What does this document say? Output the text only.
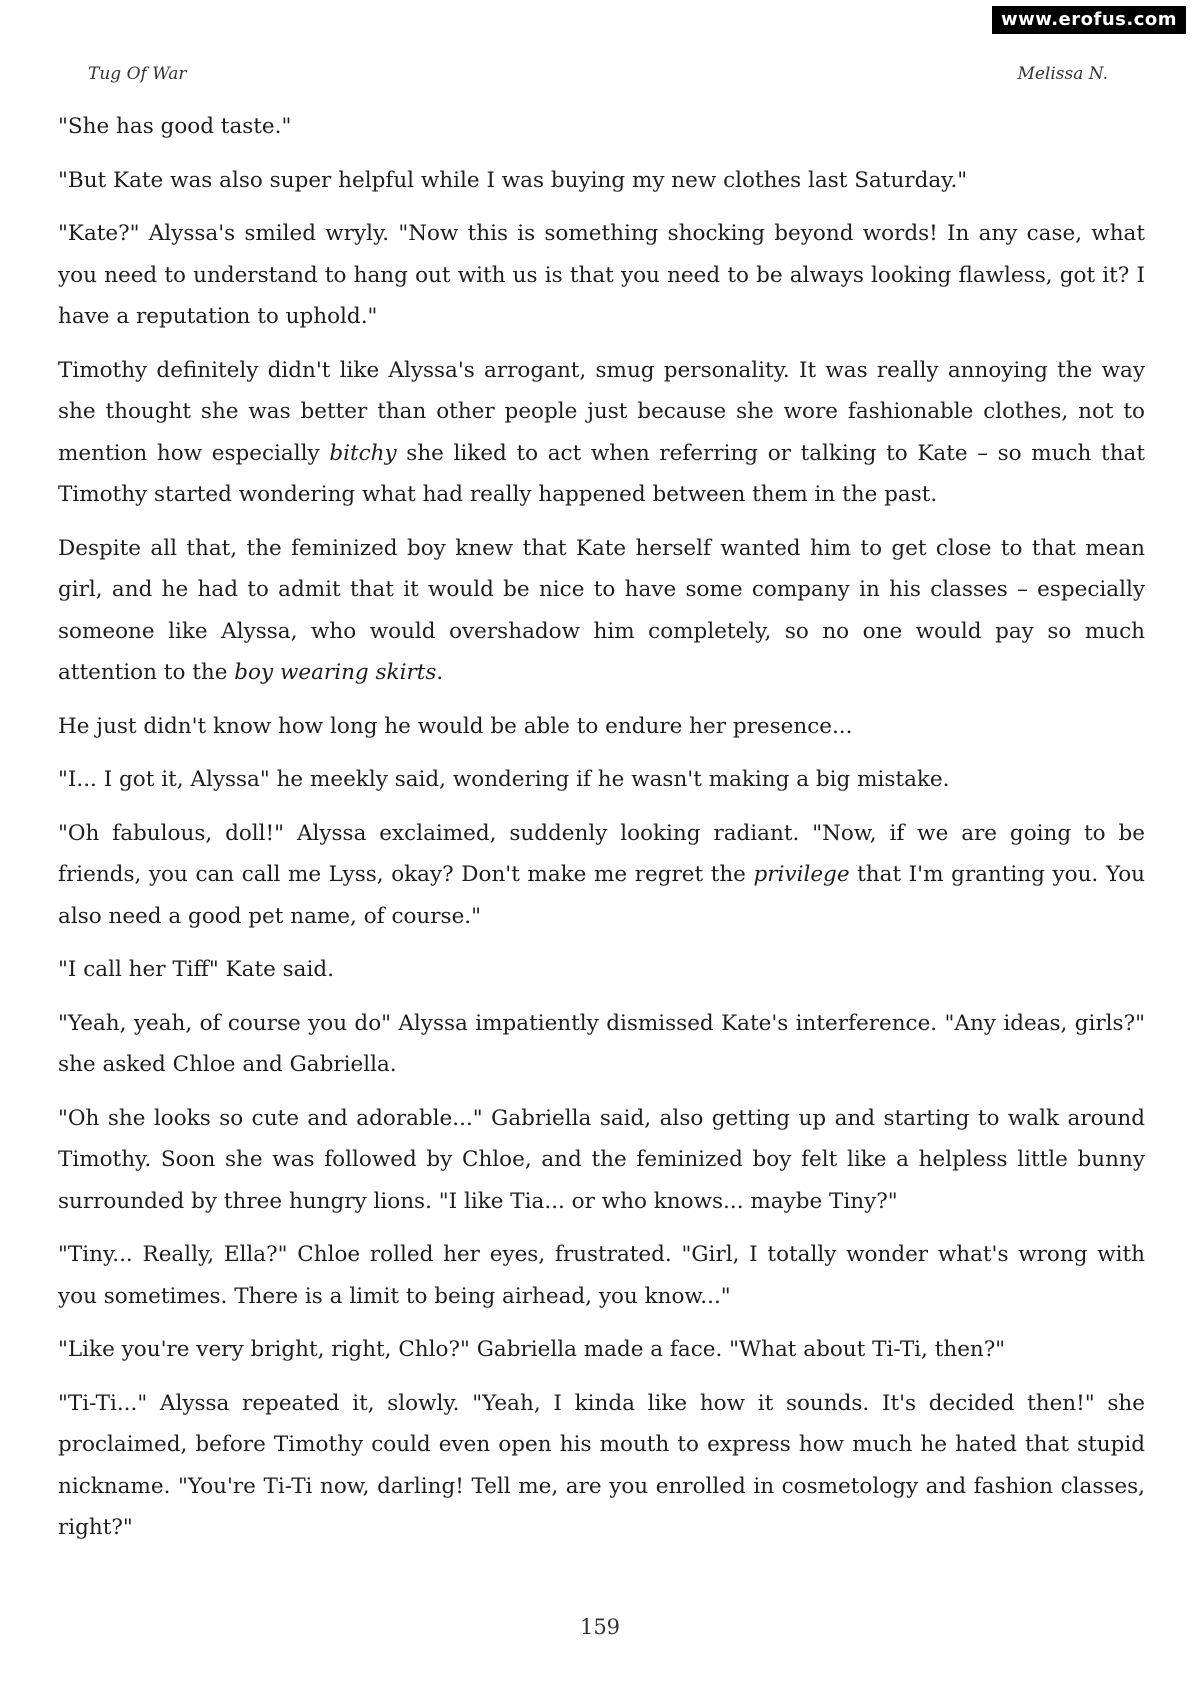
www.erofus.com
Tug Of War	Melissa N.

"She has good taste."

"But Kate was also super helpful while I was buying my new clothes last Saturday."

"Kate?" Alyssa's smiled wryly. "Now this is something shocking beyond words! In any case, what you need to understand to hang out with us is that you need to be always looking flawless, got it? I have a reputation to uphold."

Timothy definitely didn't like Alyssa's arrogant, smug personality. It was really annoying the way she thought she was better than other people just because she wore fashionable clothes, not to mention how especially bitchy she liked to act when referring or talking to Kate – so much that Timothy started wondering what had really happened between them in the past.

Despite all that, the feminized boy knew that Kate herself wanted him to get close to that mean girl, and he had to admit that it would be nice to have some company in his classes – especially someone like Alyssa, who would overshadow him completely, so no one would pay so much attention to the boy wearing skirts.

He just didn't know how long he would be able to endure her presence...

"I... I got it, Alyssa" he meekly said, wondering if he wasn't making a big mistake.

"Oh fabulous, doll!" Alyssa exclaimed, suddenly looking radiant. "Now, if we are going to be friends, you can call me Lyss, okay? Don't make me regret the privilege that I'm granting you. You also need a good pet name, of course."

"I call her Tiff" Kate said.

"Yeah, yeah, of course you do" Alyssa impatiently dismissed Kate's interference. "Any ideas, girls?" she asked Chloe and Gabriella.

"Oh she looks so cute and adorable..." Gabriella said, also getting up and starting to walk around Timothy. Soon she was followed by Chloe, and the feminized boy felt like a helpless little bunny surrounded by three hungry lions. "I like Tia... or who knows... maybe Tiny?"

"Tiny... Really, Ella?" Chloe rolled her eyes, frustrated. "Girl, I totally wonder what's wrong with you sometimes. There is a limit to being airhead, you know..."

"Like you're very bright, right, Chlo?" Gabriella made a face. "What about Ti-Ti, then?"

"Ti-Ti..." Alyssa repeated it, slowly. "Yeah, I kinda like how it sounds. It's decided then!" she proclaimed, before Timothy could even open his mouth to express how much he hated that stupid nickname. "You're Ti-Ti now, darling! Tell me, are you enrolled in cosmetology and fashion classes, right?"

159
